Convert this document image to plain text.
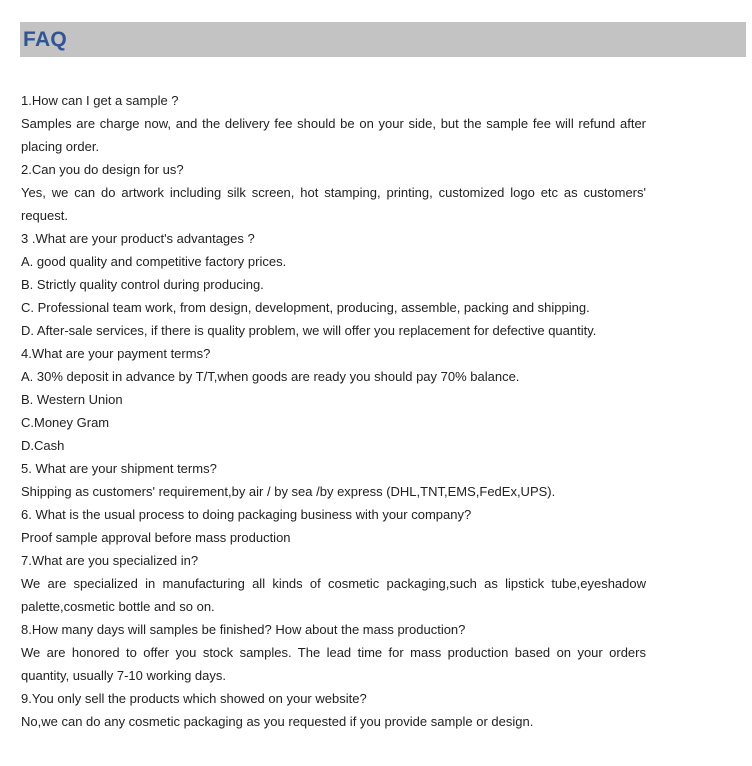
FAQ

1.How can I get a sample ?

Samples are charge now, and the delivery fee should be on your side, but the sample fee will refund after

placing order.

2.Can you do design for us?

Yes, we can do artwork including silk screen, hot stamping, printing, customized logo etc as customers'

request.

3 .What are your product's advantages ?

A. good quality and competitive factory prices.

B. Strictly quality control during producing.

C. Professional team work, from design, development, producing, assemble, packing and shipping.

D. After-sale services, if there is quality problem, we will offer you replacement for defective quantity.

4.What are your payment terms?

A. 30% deposit in advance by T/T,when goods are ready you should pay 70% balance.

B. Western Union

C.Money Gram

D.Cash

5. What are your shipment terms?

Shipping as customers' requirement,by air / by sea /by express (DHL,TNT,EMS,FedEx,UPS).

6. What is the usual process to doing packaging business with your company?

Proof sample approval before mass production

7.What are you specialized in?

We are specialized in manufacturing all kinds of cosmetic packaging,such as lipstick tube,eyeshadow

palette,cosmetic bottle and so on.

8.How many days will samples be finished? How about the mass production?

We are honored to offer you stock samples. The lead time for mass production based on your orders

quantity, usually 7-10 working days.

9.You only sell the products which showed on your website?

No,we can do any cosmetic packaging as you requested if you provide sample or design.
